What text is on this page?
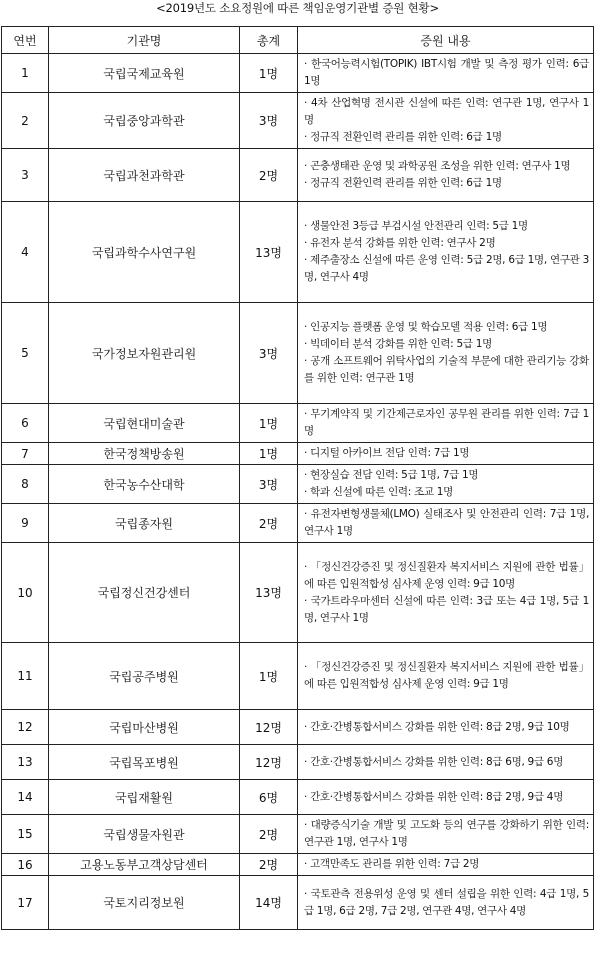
<2019년도 소요정원에 따른 책임운영기관별 증원 현황>
연번	기관명	총계	증원 내용
1	국립국제교육원	1명	· 한국어능력시험(TOPIK) IBT시험 개발 및 측정 평가 인력: 6급 1명

2	국립중앙과학관	3명	· 4차 산업혁명 전시관 신설에 따른 인력: 연구관 1명, 연구사 1명
· 정규직 전환인력 관리를 위한 인력: 6급 1명

3	국립과천과학관	2명	· 곤충생태관 운영 및 과학공원 조성을 위한 인력: 연구사 1명
· 정규직 전환인력 관리를 위한 인력: 6급 1명

4	국립과학수사연구원	13명	· 생물안전 3등급 부검시설 안전관리 인력: 5급 1명
· 유전자 분석 강화를 위한 인력: 연구사 2명
· 제주출장소 신설에 따른 운영 인력: 5급 2명, 6급 1명, 연구관 3명, 연구사 4명

5	국가정보자원관리원	3명	· 인공지능 플랫폼 운영 및 학습모델 적용 인력: 6급 1명
· 빅데이터 분석 강화를 위한 인력: 5급 1명
· 공개 소프트웨어 위탁사업의 기술적 부문에 대한 관리기능 강화를 위한 인력: 연구관 1명

6	국립현대미술관	1명	· 무기계약직 및 기간제근로자인 공무원 관리를 위한 인력: 7급 1명

7	한국정책방송원	1명	· 디지털 아카이브 전담 인력: 7급 1명

8	한국농수산대학	3명	· 현장실습 전담 인력: 5급 1명, 7급 1명
· 학과 신설에 따른 인력: 조교 1명

9	국립종자원	2명	· 유전자변형생물체(LMO) 실태조사 및 안전관리 인력: 7급 1명, 연구사 1명

10	국립정신건강센터	13명	· 「정신건강증진 및 정신질환자 복지서비스 지원에 관한 법률」에 따른 입원적합성 심사제 운영 인력: 9급 10명
· 국가트라우마센터 신설에 따른 인력: 3급 또는 4급 1명, 5급 1명, 연구사 1명

11	국립공주병원	1명	· 「정신건강증진 및 정신질환자 복지서비스 지원에 관한 법률」에 따른 입원적합성 심사제 운영 인력: 9급 1명

12	국립마산병원	12명	· 간호·간병통합서비스 강화를 위한 인력: 8급 2명, 9급 10명

13	국립목포병원	12명	· 간호·간병통합서비스 강화를 위한 인력: 8급 6명, 9급 6명

14	국립재활원	6명	· 간호·간병통합서비스 강화를 위한 인력: 8급 2명, 9급 4명

15	국립생물자원관	2명	· 대량증식기술 개발 및 고도화 등의 연구를 강화하기 위한 인력: 연구관 1명, 연구사 1명

16	고용노동부고객상담센터	2명	· 고객만족도 관리를 위한 인력: 7급 2명

17	국토지리정보원	14명	· 국토관측 전용위성 운영 및 센터 설립을 위한 인력: 4급 1명, 5급 1명, 6급 2명, 7급 2명, 연구관 4명, 연구사 4명
